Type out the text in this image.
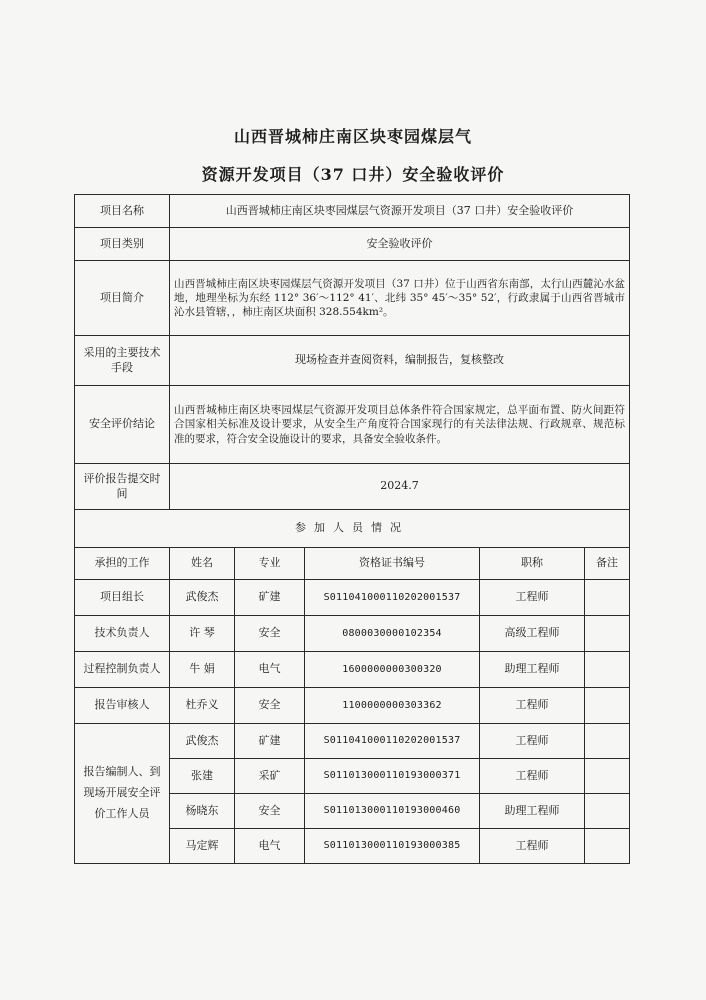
山西晋城柿庄南区块枣园煤层气
资源开发项目（37 口井）安全验收评价
项目名称	山西晋城柿庄南区块枣园煤层气资源开发项目（37 口井）安全验收评价				
项目类别	安全验收评价				
项目简介	山西晋城柿庄南区块枣园煤层气资源开发项目（37 口井）位于山西省东南部，太行山西麓沁水盆地，地理坐标为东经 112° 36′～112° 41′、北纬 35° 45′～35° 52′，行政隶属于山西省晋城市沁水县管辖，，柿庄南区块面积 328.554km²。				
采用的主要技术手段	现场检查并查阅资料，编制报告，复核整改				
安全评价结论	山西晋城柿庄南区块枣园煤层气资源开发项目总体条件符合国家规定，总平面布置、防火间距符合国家相关标准及设计要求，从安全生产角度符合国家现行的有关法律法规、行政规章、规范标准的要求，符合安全设施设计的要求，具备安全验收条件。				
评价报告提交时间	2024.7				
参加人员情况					
承担的工作	姓名	专业	资格证书编号	职称	备注
项目组长	武俊杰	矿建	S011041000110202001537	工程师	
技术负责人	许 琴	安全	0800030000102354	高级工程师	
过程控制负责人	牛 娟	电气	1600000000300320	助理工程师	
报告审核人	杜乔义	安全	1100000000303362	工程师	
报告编制人、到现场开展安全评价工作人员	武俊杰	矿建	S011041000110202001537	工程师	
	张建	采矿	S011013000110193000371	工程师	
	杨晓东	安全	S011013000110193000460	助理工程师	
	马定辉	电气	S011013000110193000385	工程师	
